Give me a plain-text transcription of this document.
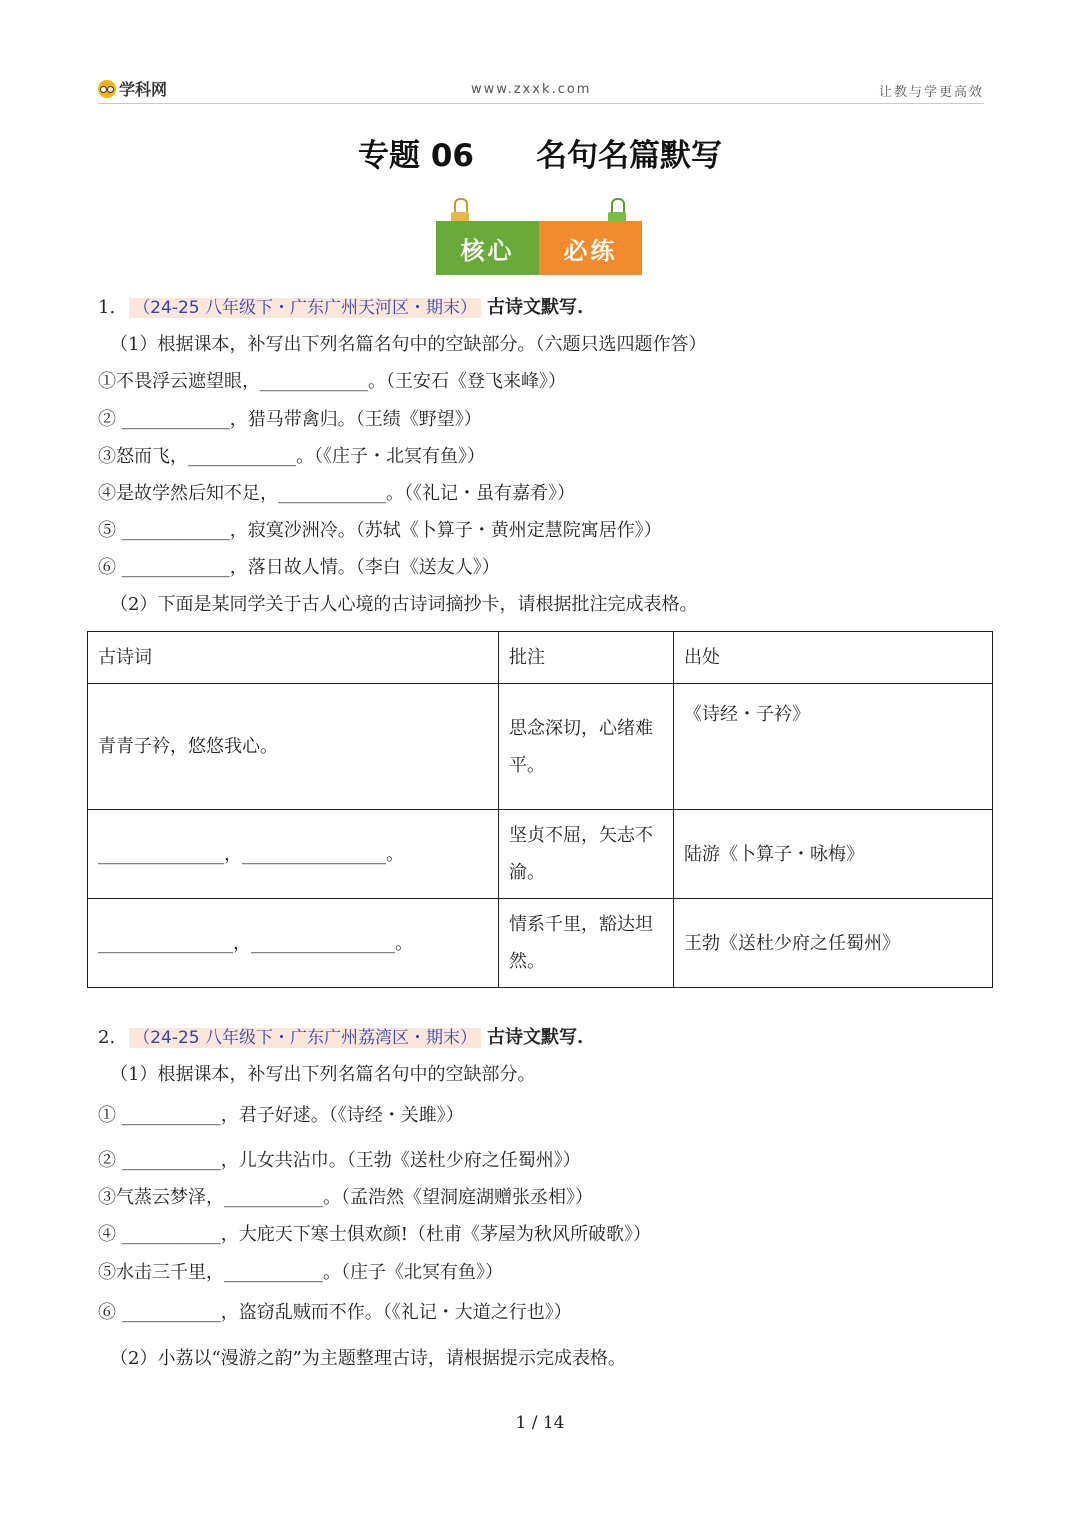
学科网	www.zxxk.com	让教与学更高效
专题 06 名句名篇默写
核心	必练
1. （24-25 八年级下・广东广州天河区・期末） 古诗文默写.
（1）根据课本，补写出下列名篇名句中的空缺部分。（六题只选四题作答）
①不畏浮云遮望眼，____________。（王安石《登飞来峰》）
② ____________，猎马带禽归。（王绩《野望》）
③怒而飞，____________。（《庄子・北冥有鱼》）
④是故学然后知不足，____________。（《礼记・虽有嘉肴》）
⑤ ____________，寂寞沙洲冷。（苏轼《卜算子・黄州定慧院寓居作》）
⑥ ____________，落日故人情。（李白《送友人》）
（2）下面是某同学关于古人心境的古诗词摘抄卡，请根据批注完成表格。
古诗词	批注	出处
青青子衿，悠悠我心。	思念深切，心绪难平。	《诗经・子衿》
______________，________________。	坚贞不屈，矢志不渝。	陆游《卜算子・咏梅》
_______________，________________。	情系千里，豁达坦然。	王勃《送杜少府之任蜀州》
2. （24-25 八年级下・广东广州荔湾区・期末） 古诗文默写.
（1）根据课本，补写出下列名篇名句中的空缺部分。
① ___________，君子好逑。（《诗经・关雎》）
② ___________，儿女共沾巾。（王勃《送杜少府之任蜀州》）
③气蒸云梦泽，___________。（孟浩然《望洞庭湖赠张丞相》）
④ ___________，大庇天下寒士俱欢颜!（杜甫《茅屋为秋风所破歌》）
⑤水击三千里，___________。（庄子《北冥有鱼》）
⑥ ___________，盗窃乱贼而不作。（《礼记・大道之行也》）
（2）小荔以“漫游之韵”为主题整理古诗，请根据提示完成表格。
1 / 14
